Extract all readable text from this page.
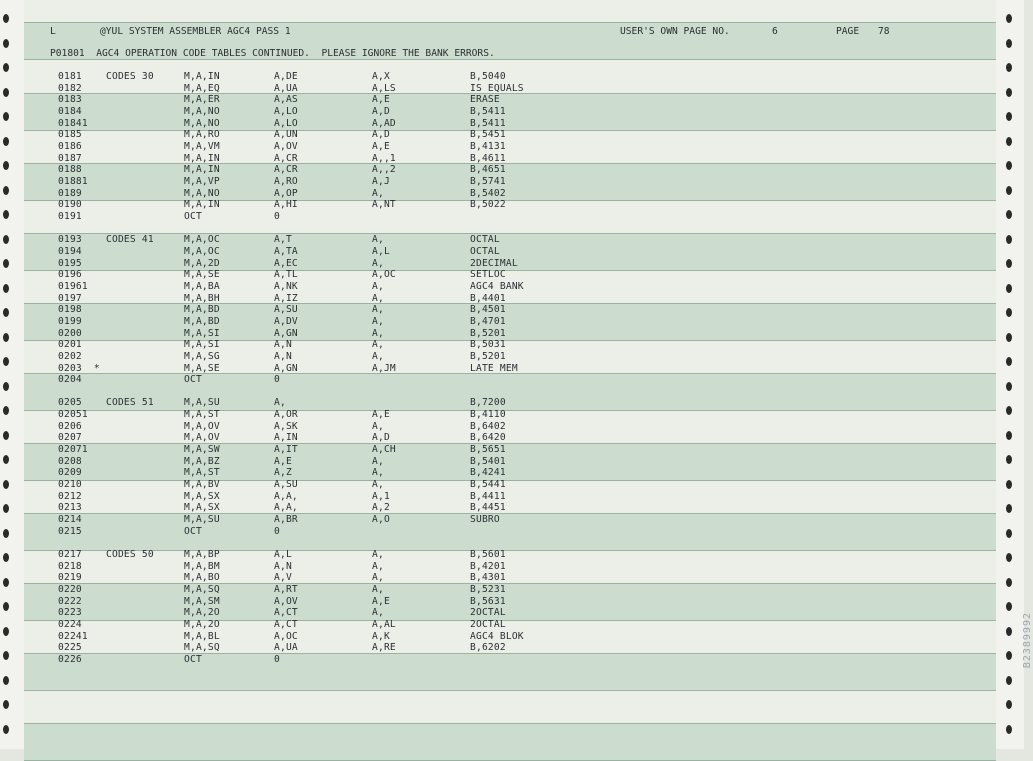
L	@YUL SYSTEM ASSEMBLER AGC4 PASS 1	USER'S OWN PAGE NO.	6	PAGE 78
P01801  AGC4 OPERATION CODE TABLES CONTINUED.  PLEASE IGNORE THE BANK ERRORS.
0181	CODES 30	M,A,IN	A,DE	A,X	B,5040
0182	M,A,EQ	A,UA	A,LS	IS EQUALS
0183	M,A,ER	A,AS	A,E	ERASE
0184	M,A,NO	A,LO	A,D	B,5411
01841	M,A,NO	A,LO	A,AD	B,5411
0185	M,A,RO	A,UN	A,D	B,5451
0186	M,A,VM	A,OV	A,E	B,4131
0187	M,A,IN	A,CR	A,,1	B,4611
0188	M,A,IN	A,CR	A,,2	B,4651
01881	M,A,VP	A,RO	A,J	B,5741
0189	M,A,NO	A,OP	A,	B,5402
0190	M,A,IN	A,HI	A,NT	B,5022
0191	OCT	0
0193	CODES 41	M,A,OC	A,T	A,	OCTAL
0194	M,A,OC	A,TA	A,L	OCTAL
0195	M,A,2D	A,EC	A,	2DECIMAL
0196	M,A,SE	A,TL	A,OC	SETLOC
01961	M,A,BA	A,NK	A,	AGC4 BANK
0197	M,A,BH	A,IZ	A,	B,4401
0198	M,A,BD	A,SU	A,	B,4501
0199	M,A,BD	A,DV	A,	B,4701
0200	M,A,SI	A,GN	A,	B,5201
0201	M,A,SI	A,N	A,	B,5031
0202	M,A,SG	A,N	A,	B,5201
0203  *	M,A,SE	A,GN	A,JM	LATE MEM
0204	OCT	0
0205	CODES 51	M,A,SU	A,	B,7200
02051	M,A,ST	A,OR	A,E	B,4110
0206	M,A,OV	A,SK	A,	B,6402
0207	M,A,OV	A,IN	A,D	B,6420
02071	M,A,SW	A,IT	A,CH	B,5651
0208	M,A,BZ	A,E	A,	B,5401
0209	M,A,ST	A,Z	A,	B,4241
0210	M,A,BV	A,SU	A,	B,5441
0212	M,A,SX	A,A,	A,1	B,4411
0213	M,A,SX	A,A,	A,2	B,4451
0214	M,A,SU	A,BR	A,O	SUBRO
0215	OCT	0
0217	CODES 50	M,A,BP	A,L	A,	B,5601
0218	M,A,BM	A,N	A,	B,4201
0219	M,A,BO	A,V	A,	B,4301
0220	M,A,SQ	A,RT	A,	B,5231
0222	M,A,SM	A,OV	A,E	B,5631
0223	M,A,2O	A,CT	A,	2OCTAL
0224	M,A,2O	A,CT	A,AL	2OCTAL
02241	M,A,BL	A,OC	A,K	AGC4 BLOK
0225	M,A,SQ	A,UA	A,RE	B,6202
0226	OCT	0	B2389992
